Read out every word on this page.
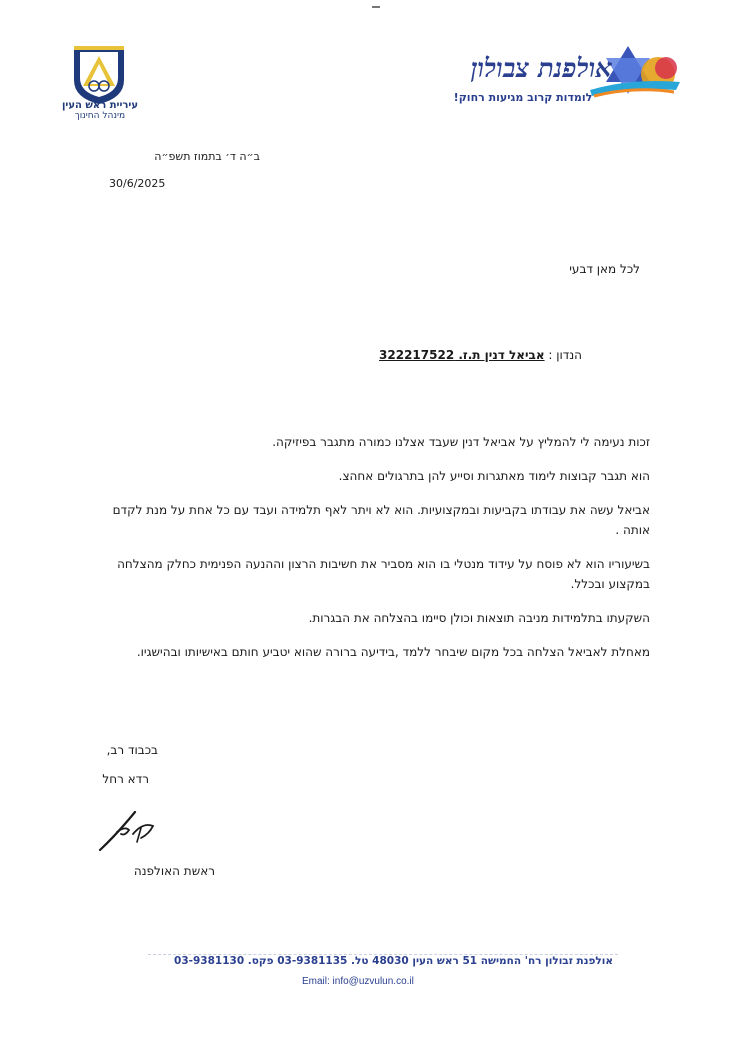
אולפנת צבולון
לומדות קרוב מגיעות רחוק!
עיריית ראש העין
מינהל החינוך
ב״ה ד׳ בתמוז תשפ״ה
30/6/2025
לכל מאן דבעי
הנדון : אביאל דנין ת.ז. 322217522

זכות נעימה לי להמליץ על אביאל דנין שעבד אצלנו כמורה מתגבר בפיזיקה.

הוא תגבר קבוצות לימוד מאתגרות וסייע להן בתרגולים אחהצ.

אביאל עשה את עבודתו בקביעות ובמקצועיות. הוא לא ויתר לאף תלמידה ועבד עם כל אחת על מנת לקדם אותה .

בשיעוריו הוא לא פוסח על עידוד מנטלי בו הוא מסביר את חשיבות הרצון וההנעה הפנימית כחלק מהצלחה במקצוע ובכלל.

השקעתו בתלמידות מניבה תוצאות וכולן סיימו בהצלחה את הבגרות.

מאחלת לאביאל הצלחה בכל מקום שיבחר ללמד ,בידיעה ברורה שהוא יטביע חותם באישיותו ובהישגיו.

בכבוד רב,
רדא רחל
ראשת האולפנה
אולפנת זבולון רח' החמישה 51 ראש העין 48030 טל. 03-9381135 פקס. 03-9381130
Email: info@uzvulun.co.il
